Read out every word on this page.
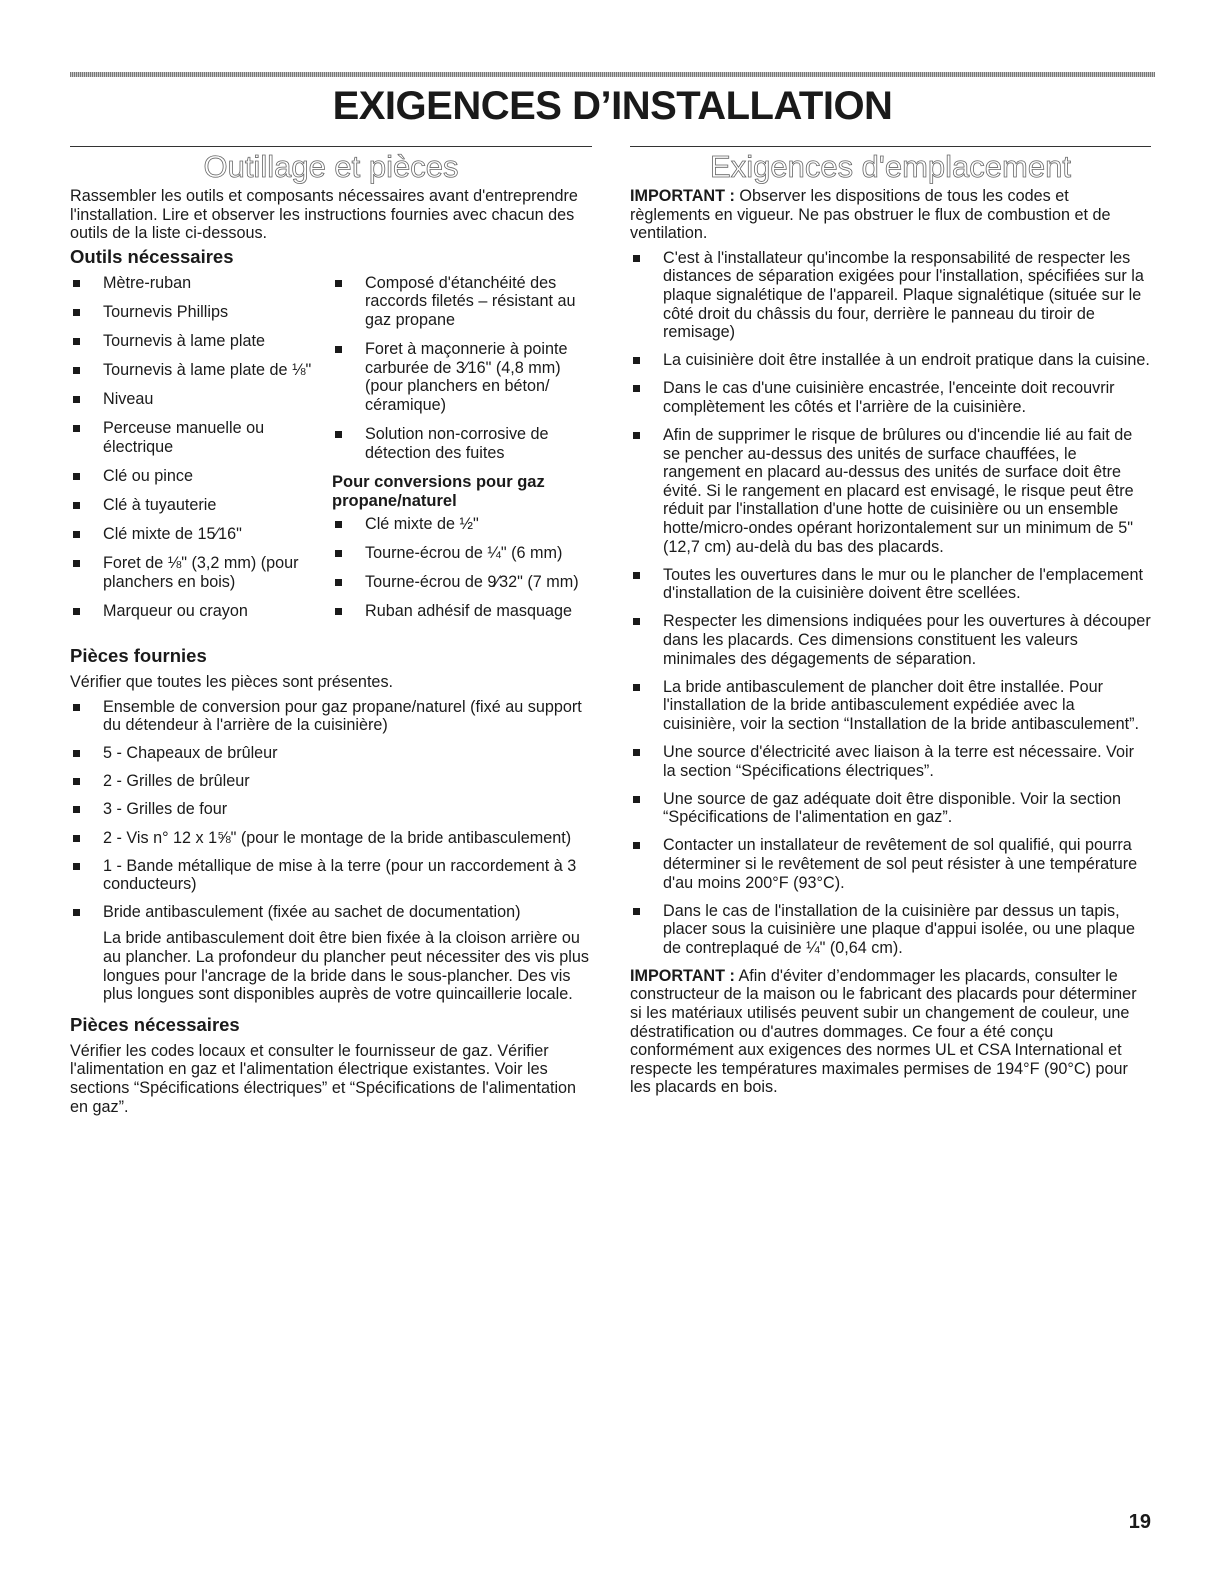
EXIGENCES D’INSTALLATION
Outillage et pièces

Rassembler les outils et composants nécessaires avant d'entreprendre l'installation. Lire et observer les instructions fournies avec chacun des outils de la liste ci-dessous.

Outils nécessaires
Mètre-ruban
Tournevis Phillips
Tournevis à lame plate
Tournevis à lame plate de ⅛"
Niveau
Perceuse manuelle ou électrique
Clé ou pince
Clé à tuyauterie
Clé mixte de 15⁄16"
Foret de ⅛" (3,2 mm) (pour planchers en bois)
Marqueur ou crayon
Composé d'étanchéité des raccords filetés – résistant au gaz propane
Foret à maçonnerie à pointe carburée de 3⁄16" (4,8 mm) (pour planchers en béton/ céramique)
Solution non-corrosive de détection des fuites
Pour conversions pour gaz propane/naturel
Clé mixte de ½"
Tourne-écrou de ¼" (6 mm)
Tourne-écrou de 9⁄32" (7 mm)
Ruban adhésif de masquage
Pièces fournies

Vérifier que toutes les pièces sont présentes.

Ensemble de conversion pour gaz propane/naturel (fixé au support du détendeur à l'arrière de la cuisinière)
5 - Chapeaux de brûleur
2 - Grilles de brûleur
3 - Grilles de four
2 - Vis n° 12 x 1⅝" (pour le montage de la bride antibasculement)
1 - Bande métallique de mise à la terre (pour un raccordement à 3 conducteurs)
Bride antibasculement (fixée au sachet de documentation)

La bride antibasculement doit être bien fixée à la cloison arrière ou au plancher. La profondeur du plancher peut nécessiter des vis plus longues pour l'ancrage de la bride dans le sous-plancher. Des vis plus longues sont disponibles auprès de votre quincaillerie locale.

Pièces nécessaires

Vérifier les codes locaux et consulter le fournisseur de gaz. Vérifier l'alimentation en gaz et l'alimentation électrique existantes. Voir les sections “Spécifications électriques” et “Spécifications de l'alimentation en gaz”.

Exigences d'emplacement

IMPORTANT : Observer les dispositions de tous les codes et règlements en vigueur. Ne pas obstruer le flux de combustion et de ventilation.

C'est à l'installateur qu'incombe la responsabilité de respecter les distances de séparation exigées pour l'installation, spécifiées sur la plaque signalétique de l'appareil. Plaque signalétique (située sur le côté droit du châssis du four, derrière le panneau du tiroir de remisage)
La cuisinière doit être installée à un endroit pratique dans la cuisine.
Dans le cas d'une cuisinière encastrée, l'enceinte doit recouvrir complètement les côtés et l'arrière de la cuisinière.
Afin de supprimer le risque de brûlures ou d'incendie lié au fait de se pencher au-dessus des unités de surface chauffées, le rangement en placard au-dessus des unités de surface doit être évité. Si le rangement en placard est envisagé, le risque peut être réduit par l'installation d'une hotte de cuisinière ou un ensemble hotte/micro-ondes opérant horizontalement sur un minimum de 5" (12,7 cm) au-delà du bas des placards.
Toutes les ouvertures dans le mur ou le plancher de l'emplacement d'installation de la cuisinière doivent être scellées.
Respecter les dimensions indiquées pour les ouvertures à découper dans les placards. Ces dimensions constituent les valeurs minimales des dégagements de séparation.
La bride antibasculement de plancher doit être installée. Pour l'installation de la bride antibasculement expédiée avec la cuisinière, voir la section “Installation de la bride antibasculement”.
Une source d'électricité avec liaison à la terre est nécessaire. Voir la section “Spécifications électriques”.
Une source de gaz adéquate doit être disponible. Voir la section “Spécifications de l'alimentation en gaz”.
Contacter un installateur de revêtement de sol qualifié, qui pourra déterminer si le revêtement de sol peut résister à une température d'au moins 200°F (93°C).
Dans le cas de l'installation de la cuisinière par dessus un tapis, placer sous la cuisinière une plaque d'appui isolée, ou une plaque de contreplaqué de ¼" (0,64 cm).

IMPORTANT : Afin d'éviter d’endommager les placards, consulter le constructeur de la maison ou le fabricant des placards pour déterminer si les matériaux utilisés peuvent subir un changement de couleur, une déstratification ou d'autres dommages. Ce four a été conçu conformément aux exigences des normes UL et CSA International et respecte les températures maximales permises de 194°F (90°C) pour les placards en bois.

19
